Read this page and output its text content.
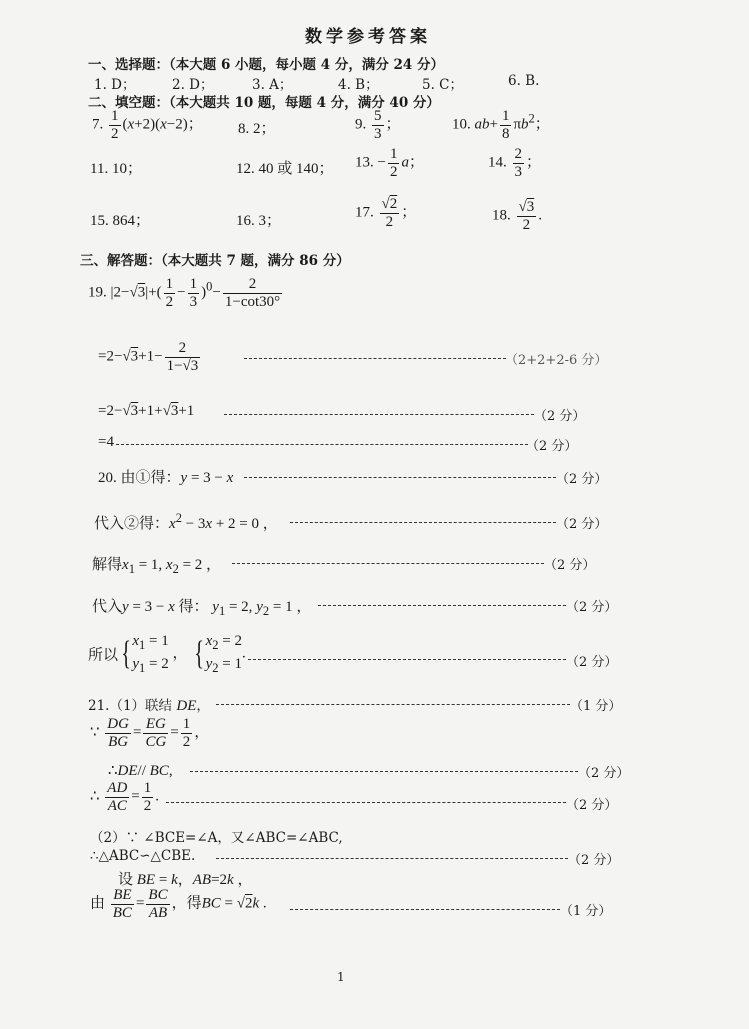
数学参考答案
一、选择题：（本大题 6 小题，每小题 4 分，满分 24 分）
1. D；	2. D；	3. A；	4. B；	5. C；	6. B.
二、填空题：（本大题共 10 题，每题 4 分，满分 40 分）
7. $\frac{1}{2} (x+2)(x-2)$； 8. 2；	9. $\frac{5}{3}$ ；	10. $ab+ \frac{1}{8} \pi b^2$；
11. 10；	12. 40 或 140； 13. − $\frac{1}{2}$ a；	14. $\frac{2}{3}$ ；
15. 864；	16. 3；
17. $\frac{√2}{2}$ ；	18. $\frac{√3}{2}$ .
三、解答题：（本大题共 7 题，满分 86 分）
19. $|2-√3|+( \frac{1}{2} - \frac{1}{3} )^0- \frac{2}{1-\cot 30^\circ}$
$=2-√3+1- \frac{2}{1-√3}$	（2+2+2-6 分）
=2−√3+1+√3+1	（2 分）
=4	（2 分）
20. 由①得：y = 3 − x	（2 分）
代入②得：$x^2 - 3x + 2 = 0$ ，	（2 分）
解得$x_1 = 1$, $x_2 = 2$ ，	（2 分）
代入y = 3 − x 得： $y_1 = 2$, $y_2 = 1$ ，	（2 分）
所以{$x_1 = 1$
$y_1 = 2$ ， {$x_2 = 2$
$y_2 = 1$.
（2 分）
21.（1）联结 DE，	（1 分）
∵ $\frac{DG}{BG} = \frac{EG}{CG} = \frac{1}{2}$ ，
∴DE// BC,	（2 分）
∴ $\frac{AD}{AC} = \frac{1}{2}$ .
（2 分）
（2）∵ ∠BCE=∠A，又∠ABC=∠ABC,
∴△ABC∽△CBE.	（2 分）
设 BE = k，AB=2k ，
由 $\frac{BE}{BC} = \frac{BC}{AB}$ ，得BC = √2k .
（1 分）
1
